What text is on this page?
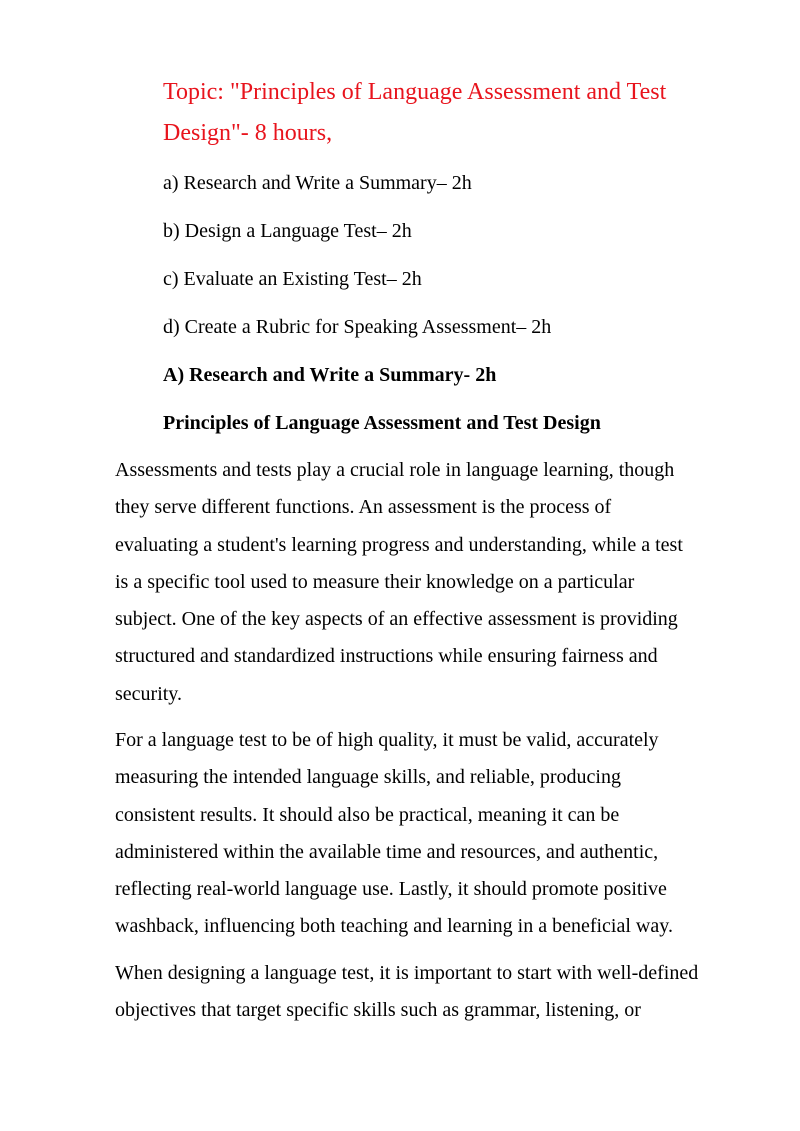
Topic: "Principles of Language Assessment and Test
Design"- 8 hours,
a) Research and Write a Summary– 2h
b) Design a Language Test– 2h
c) Evaluate an Existing Test– 2h
d) Create a Rubric for Speaking Assessment– 2h
A) Research and Write a Summary- 2h
Principles of Language Assessment and Test Design
Assessments and tests play a crucial role in language learning, though
they serve different functions. An assessment is the process of
evaluating a student's learning progress and understanding, while a test
is a specific tool used to measure their knowledge on a particular
subject. One of the key aspects of an effective assessment is providing
structured and standardized instructions while ensuring fairness and
security.
For a language test to be of high quality, it must be valid, accurately
measuring the intended language skills, and reliable, producing
consistent results. It should also be practical, meaning it can be
administered within the available time and resources, and authentic,
reflecting real-world language use. Lastly, it should promote positive
washback, influencing both teaching and learning in a beneficial way.
When designing a language test, it is important to start with well-defined
objectives that target specific skills such as grammar, listening, or
